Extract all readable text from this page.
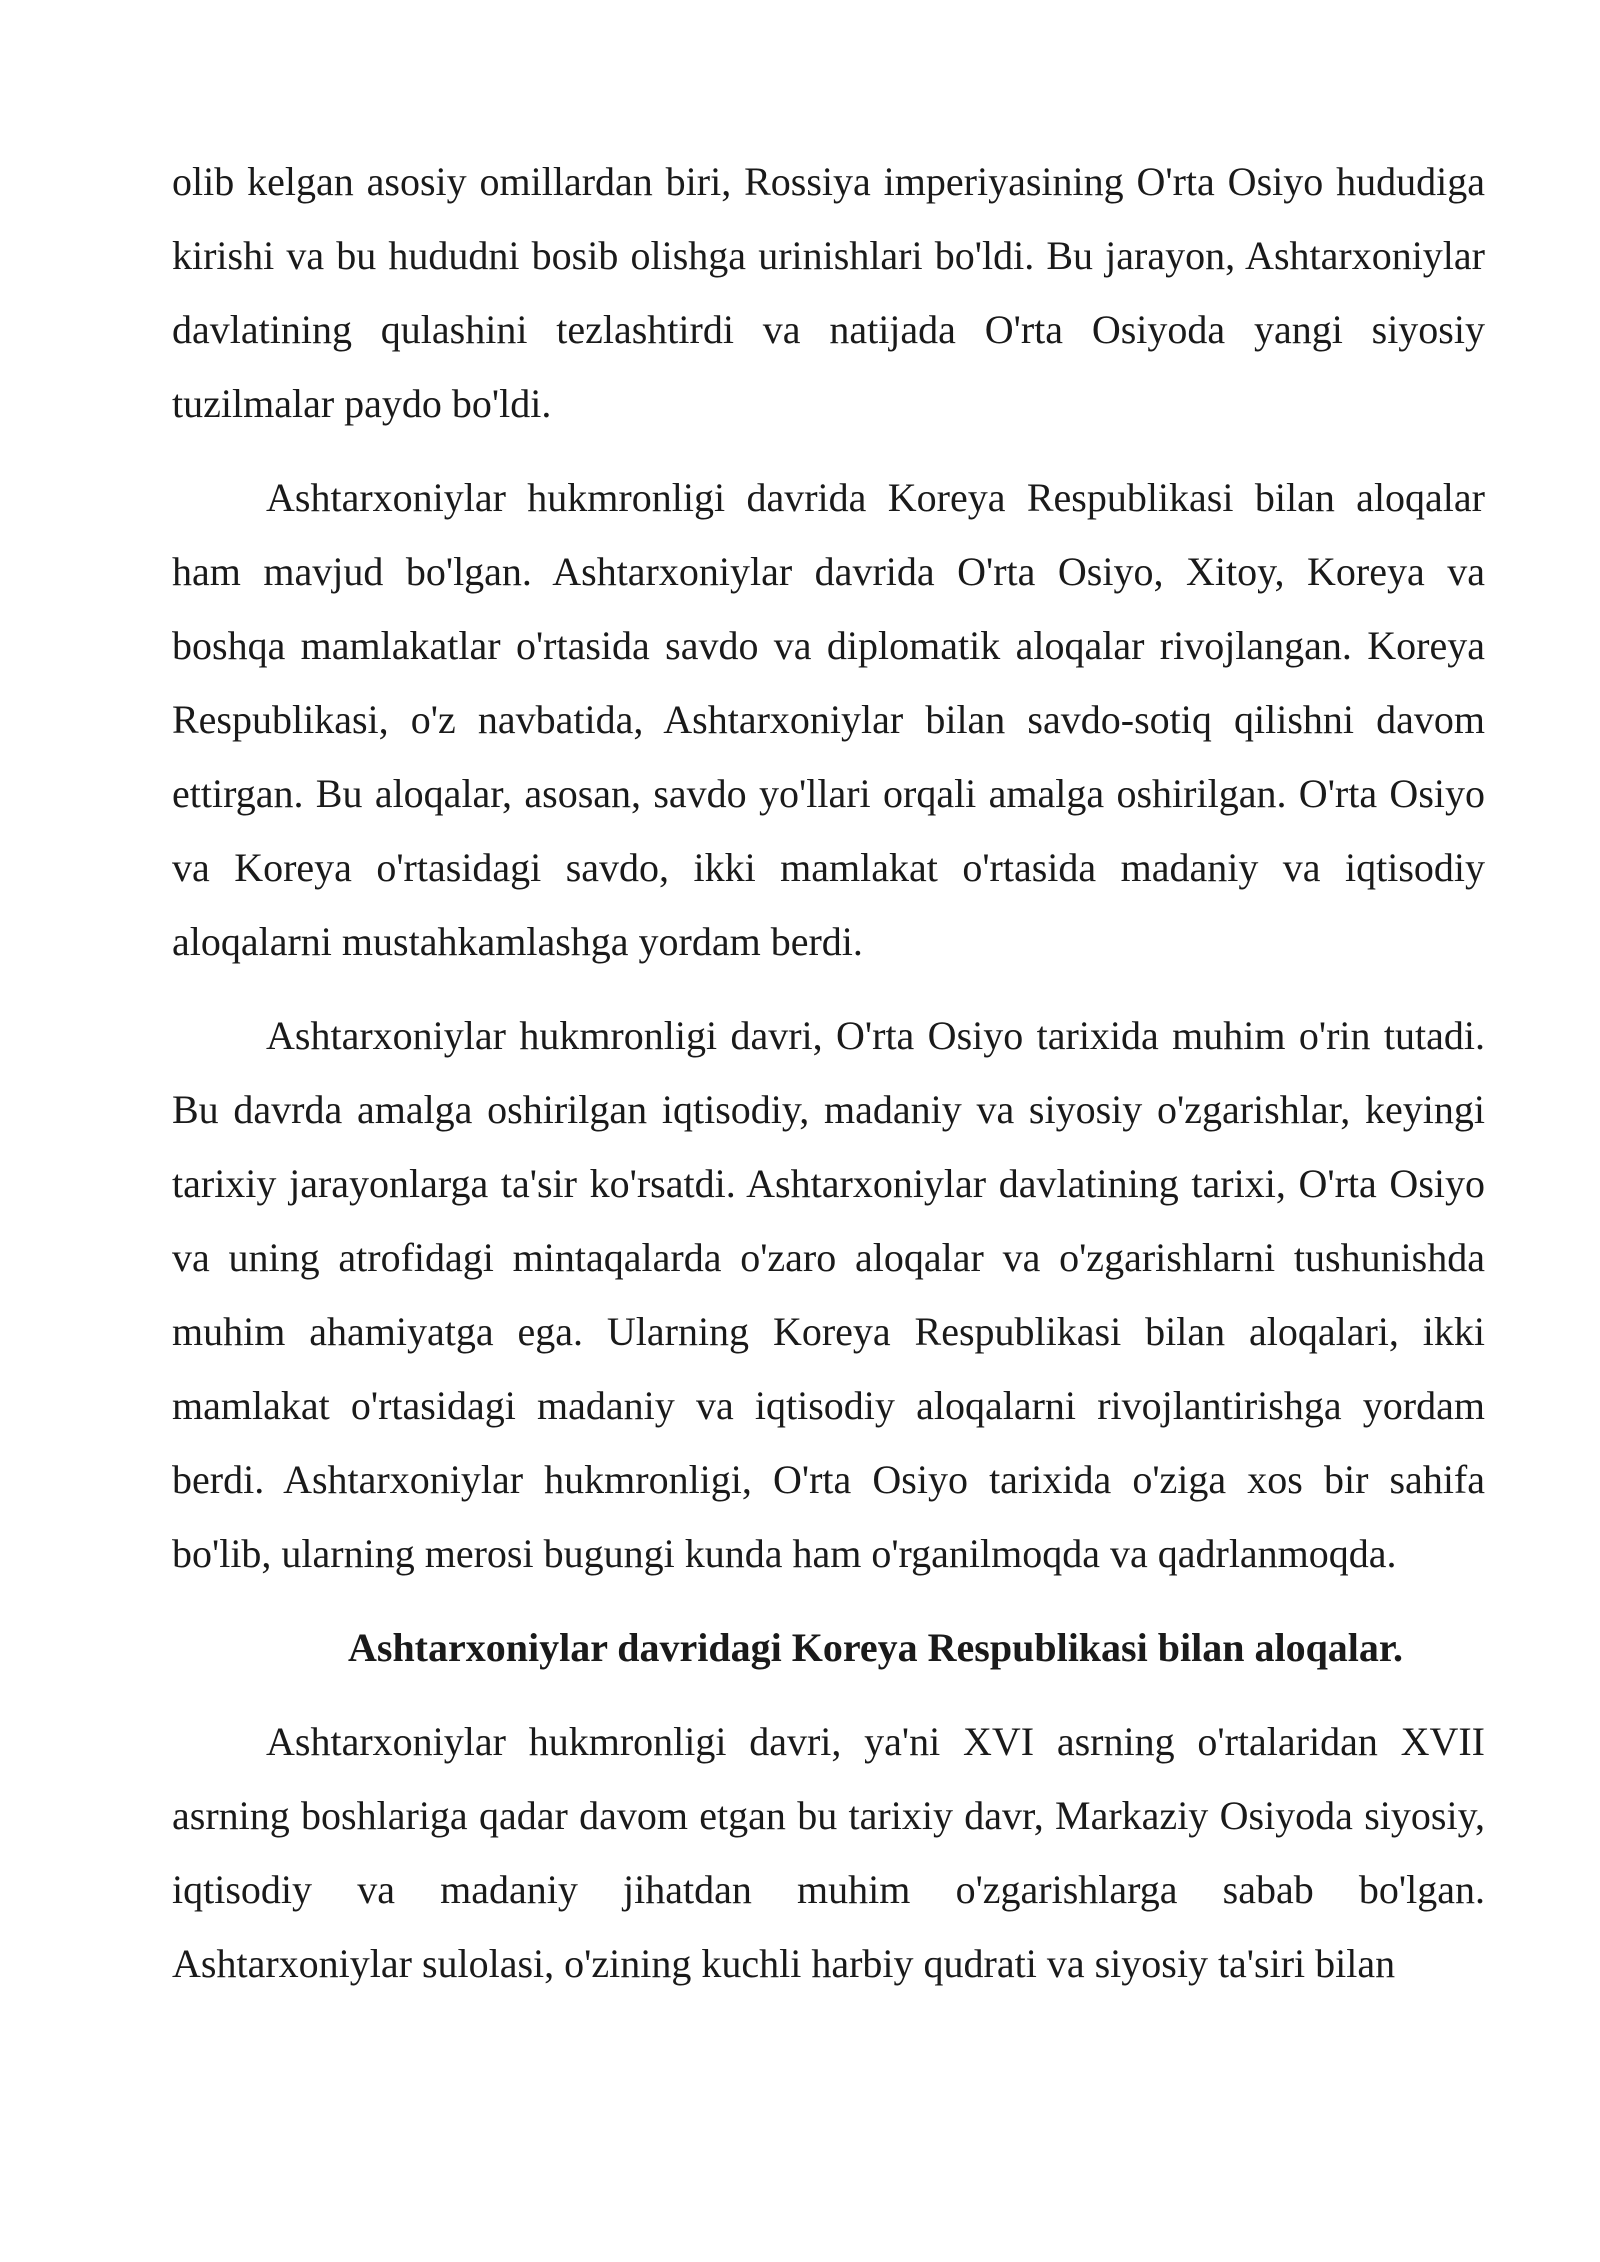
olib kelgan asosiy omillardan biri, Rossiya imperiyasining O'rta Osiyo hududiga kirishi va bu hududni bosib olishga urinishlari bo'ldi. Bu jarayon, Ashtarxoniylar davlatining qulashini tezlashtirdi va natijada O'rta Osiyoda yangi siyosiy tuzilmalar paydo bo'ldi.

Ashtarxoniylar hukmronligi davrida Koreya Respublikasi bilan aloqalar ham mavjud bo'lgan. Ashtarxoniylar davrida O'rta Osiyo, Xitoy, Koreya va boshqa mamlakatlar o'rtasida savdo va diplomatik aloqalar rivojlangan. Koreya Respublikasi, o'z navbatida, Ashtarxoniylar bilan savdo-sotiq qilishni davom ettirgan. Bu aloqalar, asosan, savdo yo'llari orqali amalga oshirilgan. O'rta Osiyo va Koreya o'rtasidagi savdo, ikki mamlakat o'rtasida madaniy va iqtisodiy aloqalarni mustahkamlashga yordam berdi.

Ashtarxoniylar hukmronligi davri, O'rta Osiyo tarixida muhim o'rin tutadi. Bu davrda amalga oshirilgan iqtisodiy, madaniy va siyosiy o'zgarishlar, keyingi tarixiy jarayonlarga ta'sir ko'rsatdi. Ashtarxoniylar davlatining tarixi, O'rta Osiyo va uning atrofidagi mintaqalarda o'zaro aloqalar va o'zgarishlarni tushunishda muhim ahamiyatga ega. Ularning Koreya Respublikasi bilan aloqalari, ikki mamlakat o'rtasidagi madaniy va iqtisodiy aloqalarni rivojlantirishga yordam berdi. Ashtarxoniylar hukmronligi, O'rta Osiyo tarixida o'ziga xos bir sahifa bo'lib, ularning merosi bugungi kunda ham o'rganilmoqda va qadrlanmoqda.

Ashtarxoniylar davridagi Koreya Respublikasi bilan aloqalar.

Ashtarxoniylar hukmronligi davri, ya'ni XVI asrning o'rtalaridan XVII asrning boshlariga qadar davom etgan bu tarixiy davr, Markaziy Osiyoda siyosiy, iqtisodiy va madaniy jihatdan muhim o'zgarishlarga sabab bo'lgan. Ashtarxoniylar sulolasi, o'zining kuchli harbiy qudrati va siyosiy ta'siri bilan
